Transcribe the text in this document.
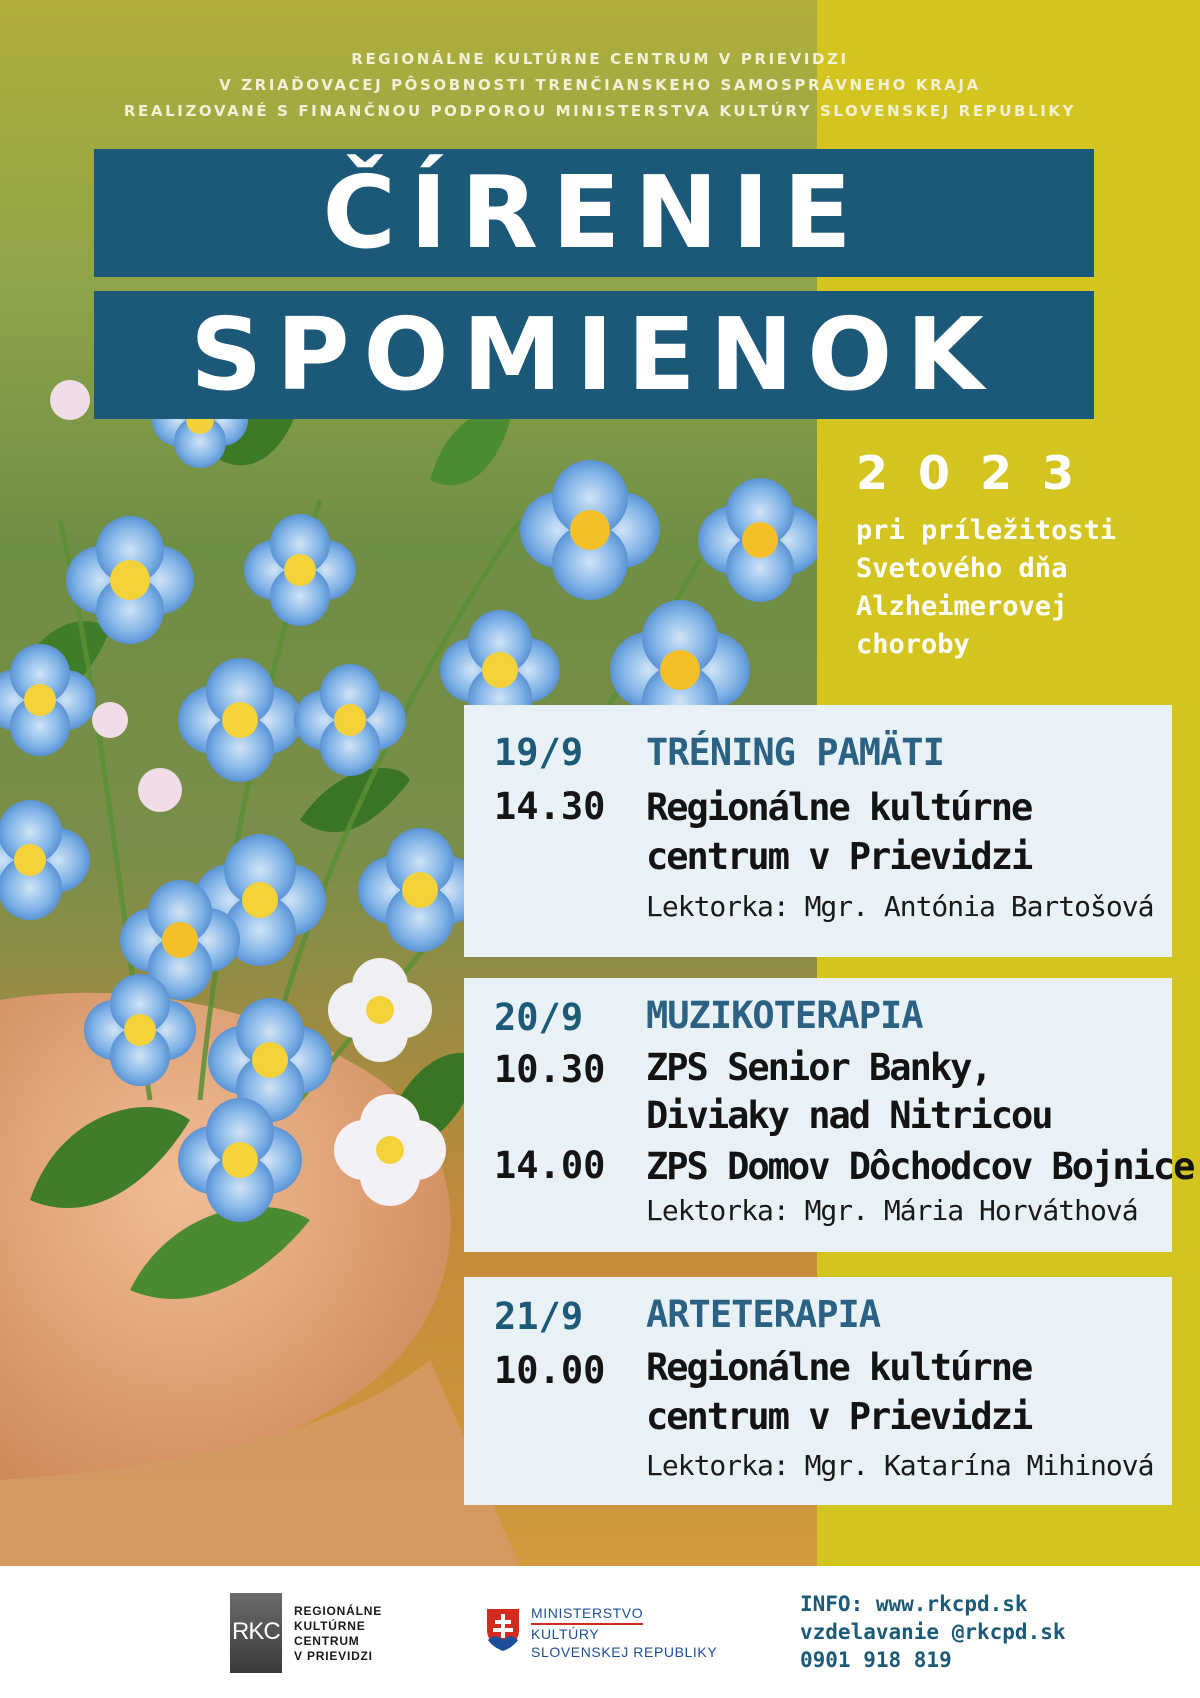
REGIONÁLNE KULTÚRNE CENTRUM V PRIEVIDZI
V ZRIAĎOVACEJ PÔSOBNOSTI TRENČIANSKEHO SAMOSPRÁVNEHO KRAJA
REALIZOVANÉ S FINANČNOU PODPOROU MINISTERSTVA KULTÚRY SLOVENSKEJ REPUBLIKY
ČÍRENIE
SPOMIENOK
2023
pri príležitosti
Svetového dňa
Alzheimerovej
choroby
19/9
14.30
TRÉNING PAMÄTI
Regionálne kultúrne
centrum v Prievidzi
Lektorka: Mgr. Antónia Bartošová
20/9
10.30
14.00
MUZIKOTERAPIA
ZPS Senior Banky,
Diviaky nad Nitricou
ZPS Domov Dôchodcov Bojnice
Lektorka: Mgr. Mária Horváthová
21/9
10.00
ARTETERAPIA
Regionálne kultúrne
centrum v Prievidzi
Lektorka: Mgr. Katarína Mihinová
RKC
REGIONÁLNE
KULTÚRNE
CENTRUM
V PRIEVIDZI
MINISTERSTVO
KULTÚRY
SLOVENSKEJ REPUBLIKY
INFO: www.rkcpd.sk
vzdelavanie @rkcpd.sk
0901 918 819
